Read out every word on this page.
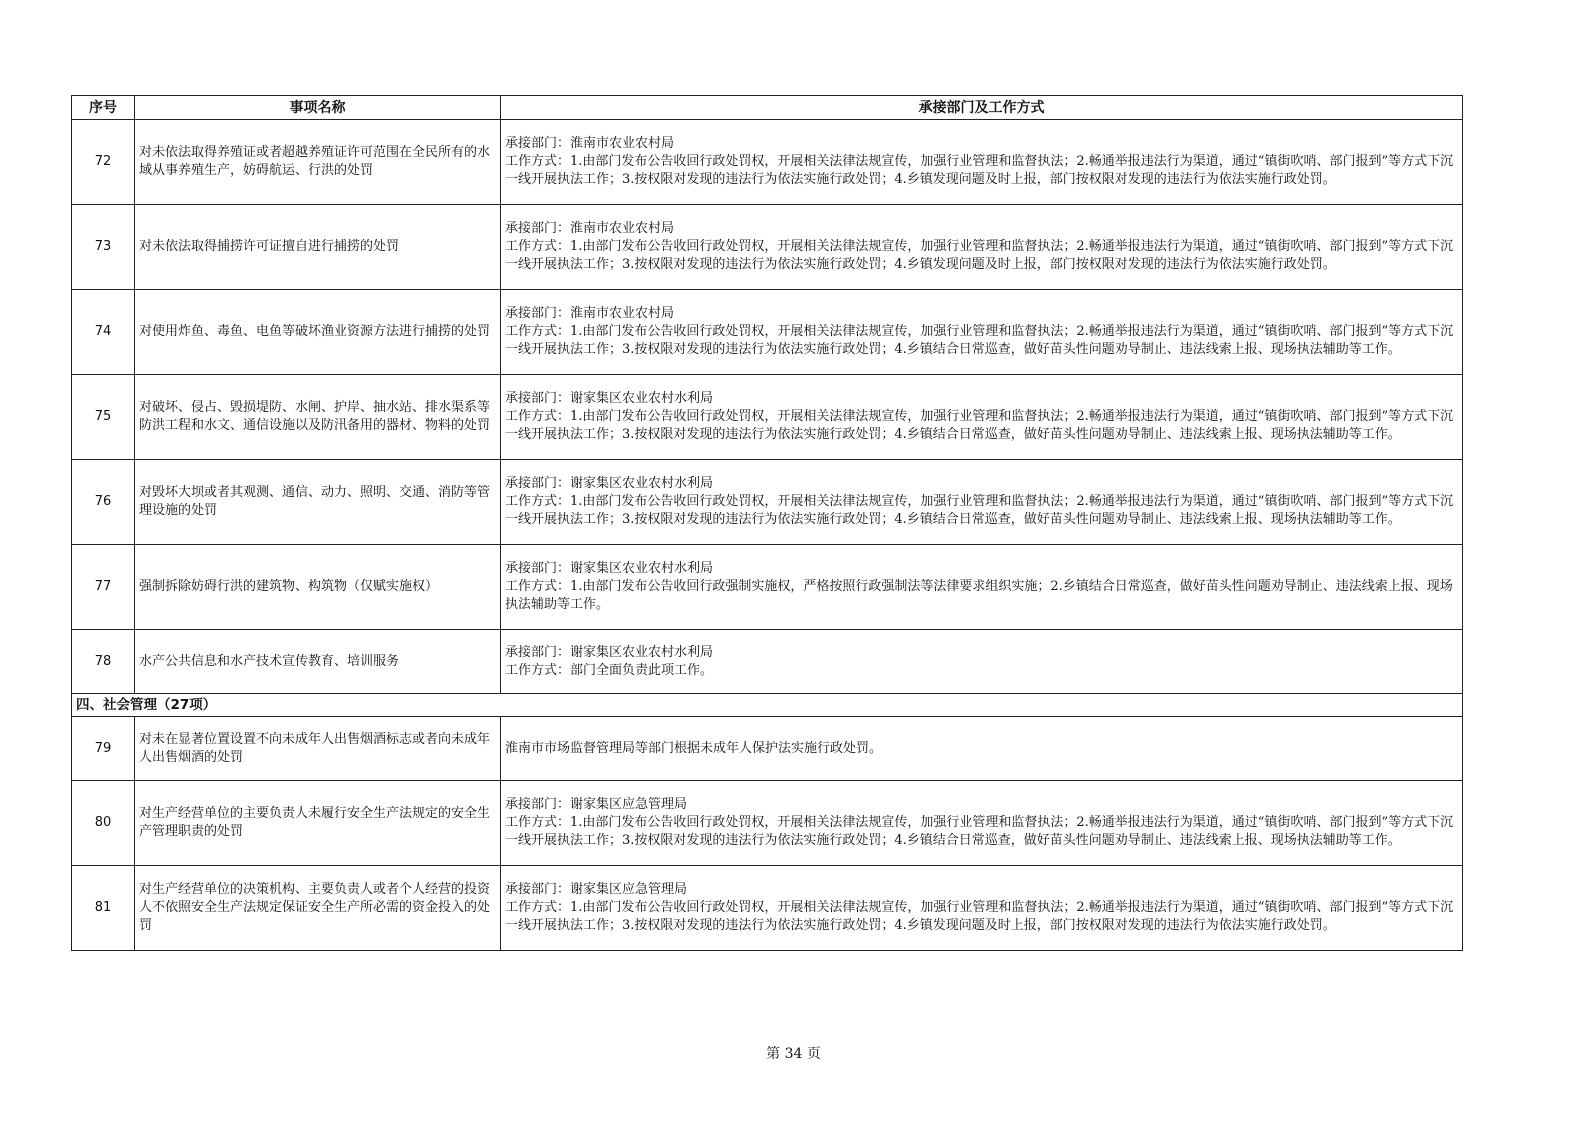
序号	事项名称	承接部门及工作方式
72	对未依法取得养殖证或者超越养殖证许可范围在全民所有的水域从事养殖生产，妨碍航运、行洪的处罚	承接部门：淮南市农业农村局
工作方式：1.由部门发布公告收回行政处罚权，开展相关法律法规宣传，加强行业管理和监督执法；2.畅通举报违法行为渠道，通过“镇街吹哨、部门报到”等方式下沉一线开展执法工作；3.按权限对发现的违法行为依法实施行政处罚；4.乡镇发现问题及时上报，部门按权限对发现的违法行为依法实施行政处罚。

73	对未依法取得捕捞许可证擅自进行捕捞的处罚	承接部门：淮南市农业农村局
工作方式：1.由部门发布公告收回行政处罚权，开展相关法律法规宣传，加强行业管理和监督执法；2.畅通举报违法行为渠道，通过“镇街吹哨、部门报到”等方式下沉一线开展执法工作；3.按权限对发现的违法行为依法实施行政处罚；4.乡镇发现问题及时上报，部门按权限对发现的违法行为依法实施行政处罚。

74	对使用炸鱼、毒鱼、电鱼等破坏渔业资源方法进行捕捞的处罚	承接部门：淮南市农业农村局
工作方式：1.由部门发布公告收回行政处罚权，开展相关法律法规宣传，加强行业管理和监督执法；2.畅通举报违法行为渠道，通过“镇街吹哨、部门报到”等方式下沉一线开展执法工作；3.按权限对发现的违法行为依法实施行政处罚；4.乡镇结合日常巡查，做好苗头性问题劝导制止、违法线索上报、现场执法辅助等工作。

75	对破坏、侵占、毁损堤防、水闸、护岸、抽水站、排水渠系等防洪工程和水文、通信设施以及防汛备用的器材、物料的处罚	承接部门：谢家集区农业农村水利局
工作方式：1.由部门发布公告收回行政处罚权，开展相关法律法规宣传，加强行业管理和监督执法；2.畅通举报违法行为渠道，通过“镇街吹哨、部门报到”等方式下沉一线开展执法工作；3.按权限对发现的违法行为依法实施行政处罚；4.乡镇结合日常巡查，做好苗头性问题劝导制止、违法线索上报、现场执法辅助等工作。

76	对毁坏大坝或者其观测、通信、动力、照明、交通、消防等管理设施的处罚	承接部门：谢家集区农业农村水利局
工作方式：1.由部门发布公告收回行政处罚权，开展相关法律法规宣传，加强行业管理和监督执法；2.畅通举报违法行为渠道，通过“镇街吹哨、部门报到”等方式下沉一线开展执法工作；3.按权限对发现的违法行为依法实施行政处罚；4.乡镇结合日常巡查，做好苗头性问题劝导制止、违法线索上报、现场执法辅助等工作。

77	强制拆除妨碍行洪的建筑物、构筑物（仅赋实施权）	承接部门：谢家集区农业农村水利局
工作方式：1.由部门发布公告收回行政强制实施权，严格按照行政强制法等法律要求组织实施；2.乡镇结合日常巡查，做好苗头性问题劝导制止、违法线索上报、现场执法辅助等工作。

78	水产公共信息和水产技术宣传教育、培训服务	承接部门：谢家集区农业农村水利局
工作方式：部门全面负责此项工作。

四、社会管理（27项）		
79	对未在显著位置设置不向未成年人出售烟酒标志或者向未成年人出售烟酒的处罚	淮南市市场监督管理局等部门根据未成年人保护法实施行政处罚。

80	对生产经营单位的主要负责人未履行安全生产法规定的安全生产管理职责的处罚	承接部门：谢家集区应急管理局
工作方式：1.由部门发布公告收回行政处罚权，开展相关法律法规宣传，加强行业管理和监督执法；2.畅通举报违法行为渠道，通过“镇街吹哨、部门报到”等方式下沉一线开展执法工作；3.按权限对发现的违法行为依法实施行政处罚；4.乡镇结合日常巡查，做好苗头性问题劝导制止、违法线索上报、现场执法辅助等工作。

81	对生产经营单位的决策机构、主要负责人或者个人经营的投资人不依照安全生产法规定保证安全生产所必需的资金投入的处罚	承接部门：谢家集区应急管理局
工作方式：1.由部门发布公告收回行政处罚权，开展相关法律法规宣传，加强行业管理和监督执法；2.畅通举报违法行为渠道，通过“镇街吹哨、部门报到”等方式下沉一线开展执法工作；3.按权限对发现的违法行为依法实施行政处罚；4.乡镇发现问题及时上报，部门按权限对发现的违法行为依法实施行政处罚。
第 34 页
